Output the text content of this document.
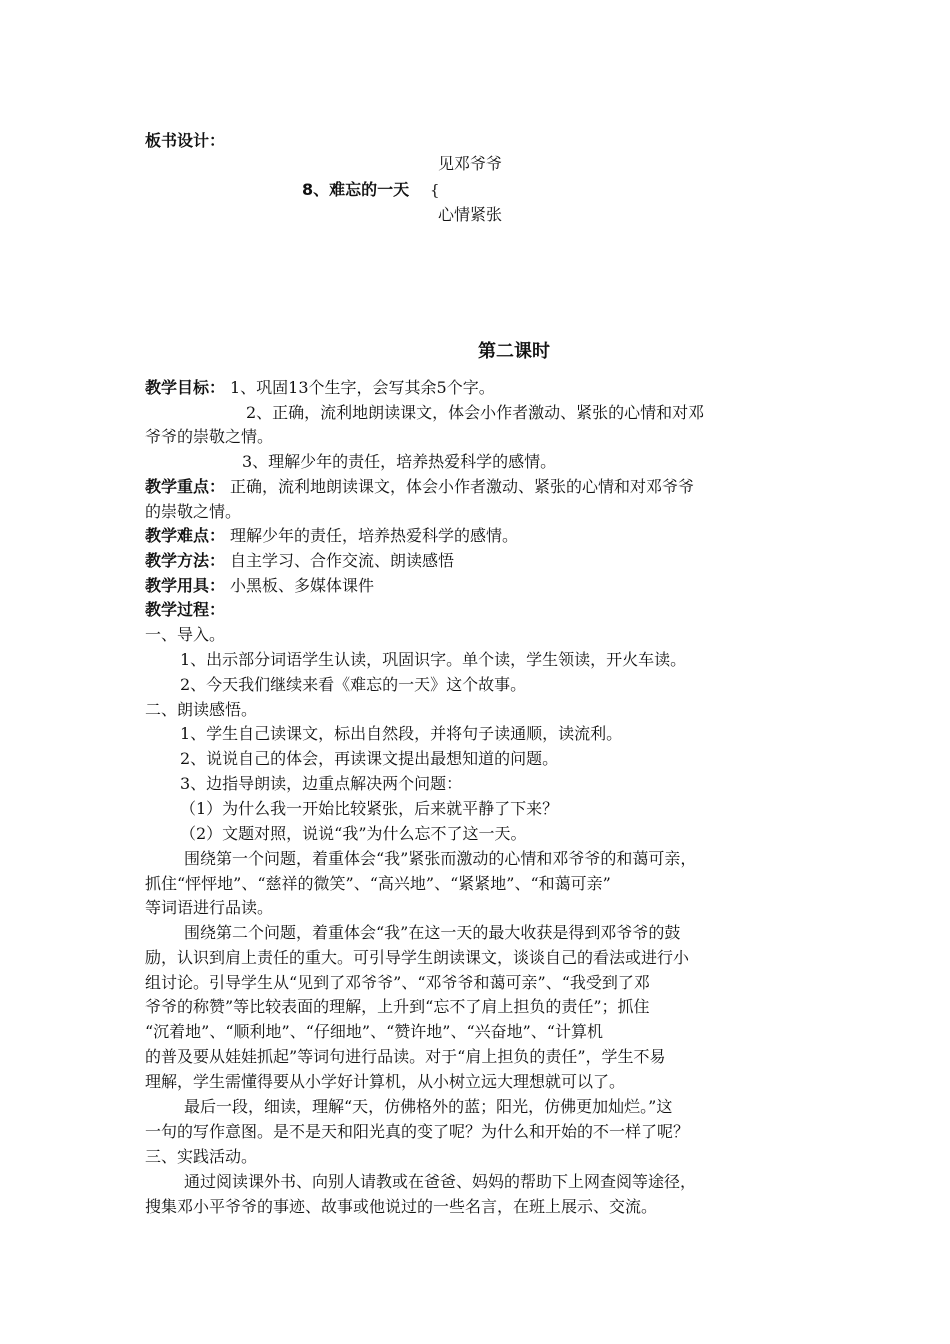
板书设计：
见邓爷爷
8、难忘的一天 {
心情紧张
第二课时
教学目标： 1、巩固13个生字，会写其余5个字。
2、正确，流利地朗读课文，体会小作者激动、紧张的心情和对邓
爷爷的崇敬之情。
3、理解少年的责任，培养热爱科学的感情。
教学重点： 正确，流利地朗读课文，体会小作者激动、紧张的心情和对邓爷爷
的崇敬之情。
教学难点： 理解少年的责任，培养热爱科学的感情。
教学方法： 自主学习、合作交流、朗读感悟
教学用具： 小黑板、多媒体课件
教学过程：
一、导入。
1、出示部分词语学生认读，巩固识字。单个读，学生领读，开火车读。
2、今天我们继续来看《难忘的一天》这个故事。
二、朗读感悟。
1、学生自己读课文，标出自然段，并将句子读通顺，读流利。
2、说说自己的体会，再读课文提出最想知道的问题。
3、边指导朗读，边重点解决两个问题：
（1）为什么我一开始比较紧张，后来就平静了下来？
（2）文题对照，说说“我”为什么忘不了这一天。
围绕第一个问题，着重体会“我”紧张而激动的心情和邓爷爷的和蔼可亲，
抓住“怦怦地”、“慈祥的微笑”、“高兴地”、“紧紧地”、“和蔼可亲”
等词语进行品读。
围绕第二个问题，着重体会“我”在这一天的最大收获是得到邓爷爷的鼓
励，认识到肩上责任的重大。可引导学生朗读课文，谈谈自己的看法或进行小
组讨论。引导学生从“见到了邓爷爷”、“邓爷爷和蔼可亲”、“我受到了邓
爷爷的称赞”等比较表面的理解，上升到“忘不了肩上担负的责任”；抓住
“沉着地”、“顺利地”、“仔细地”、“赞许地”、“兴奋地”、“计算机
的普及要从娃娃抓起”等词句进行品读。对于“肩上担负的责任”，学生不易
理解，学生需懂得要从小学好计算机，从小树立远大理想就可以了。
最后一段，细读，理解“天，仿佛格外的蓝；阳光，仿佛更加灿烂。”这
一句的写作意图。是不是天和阳光真的变了呢？为什么和开始的不一样了呢？
三、实践活动。
通过阅读课外书、向别人请教或在爸爸、妈妈的帮助下上网查阅等途径，
搜集邓小平爷爷的事迹、故事或他说过的一些名言，在班上展示、交流。
